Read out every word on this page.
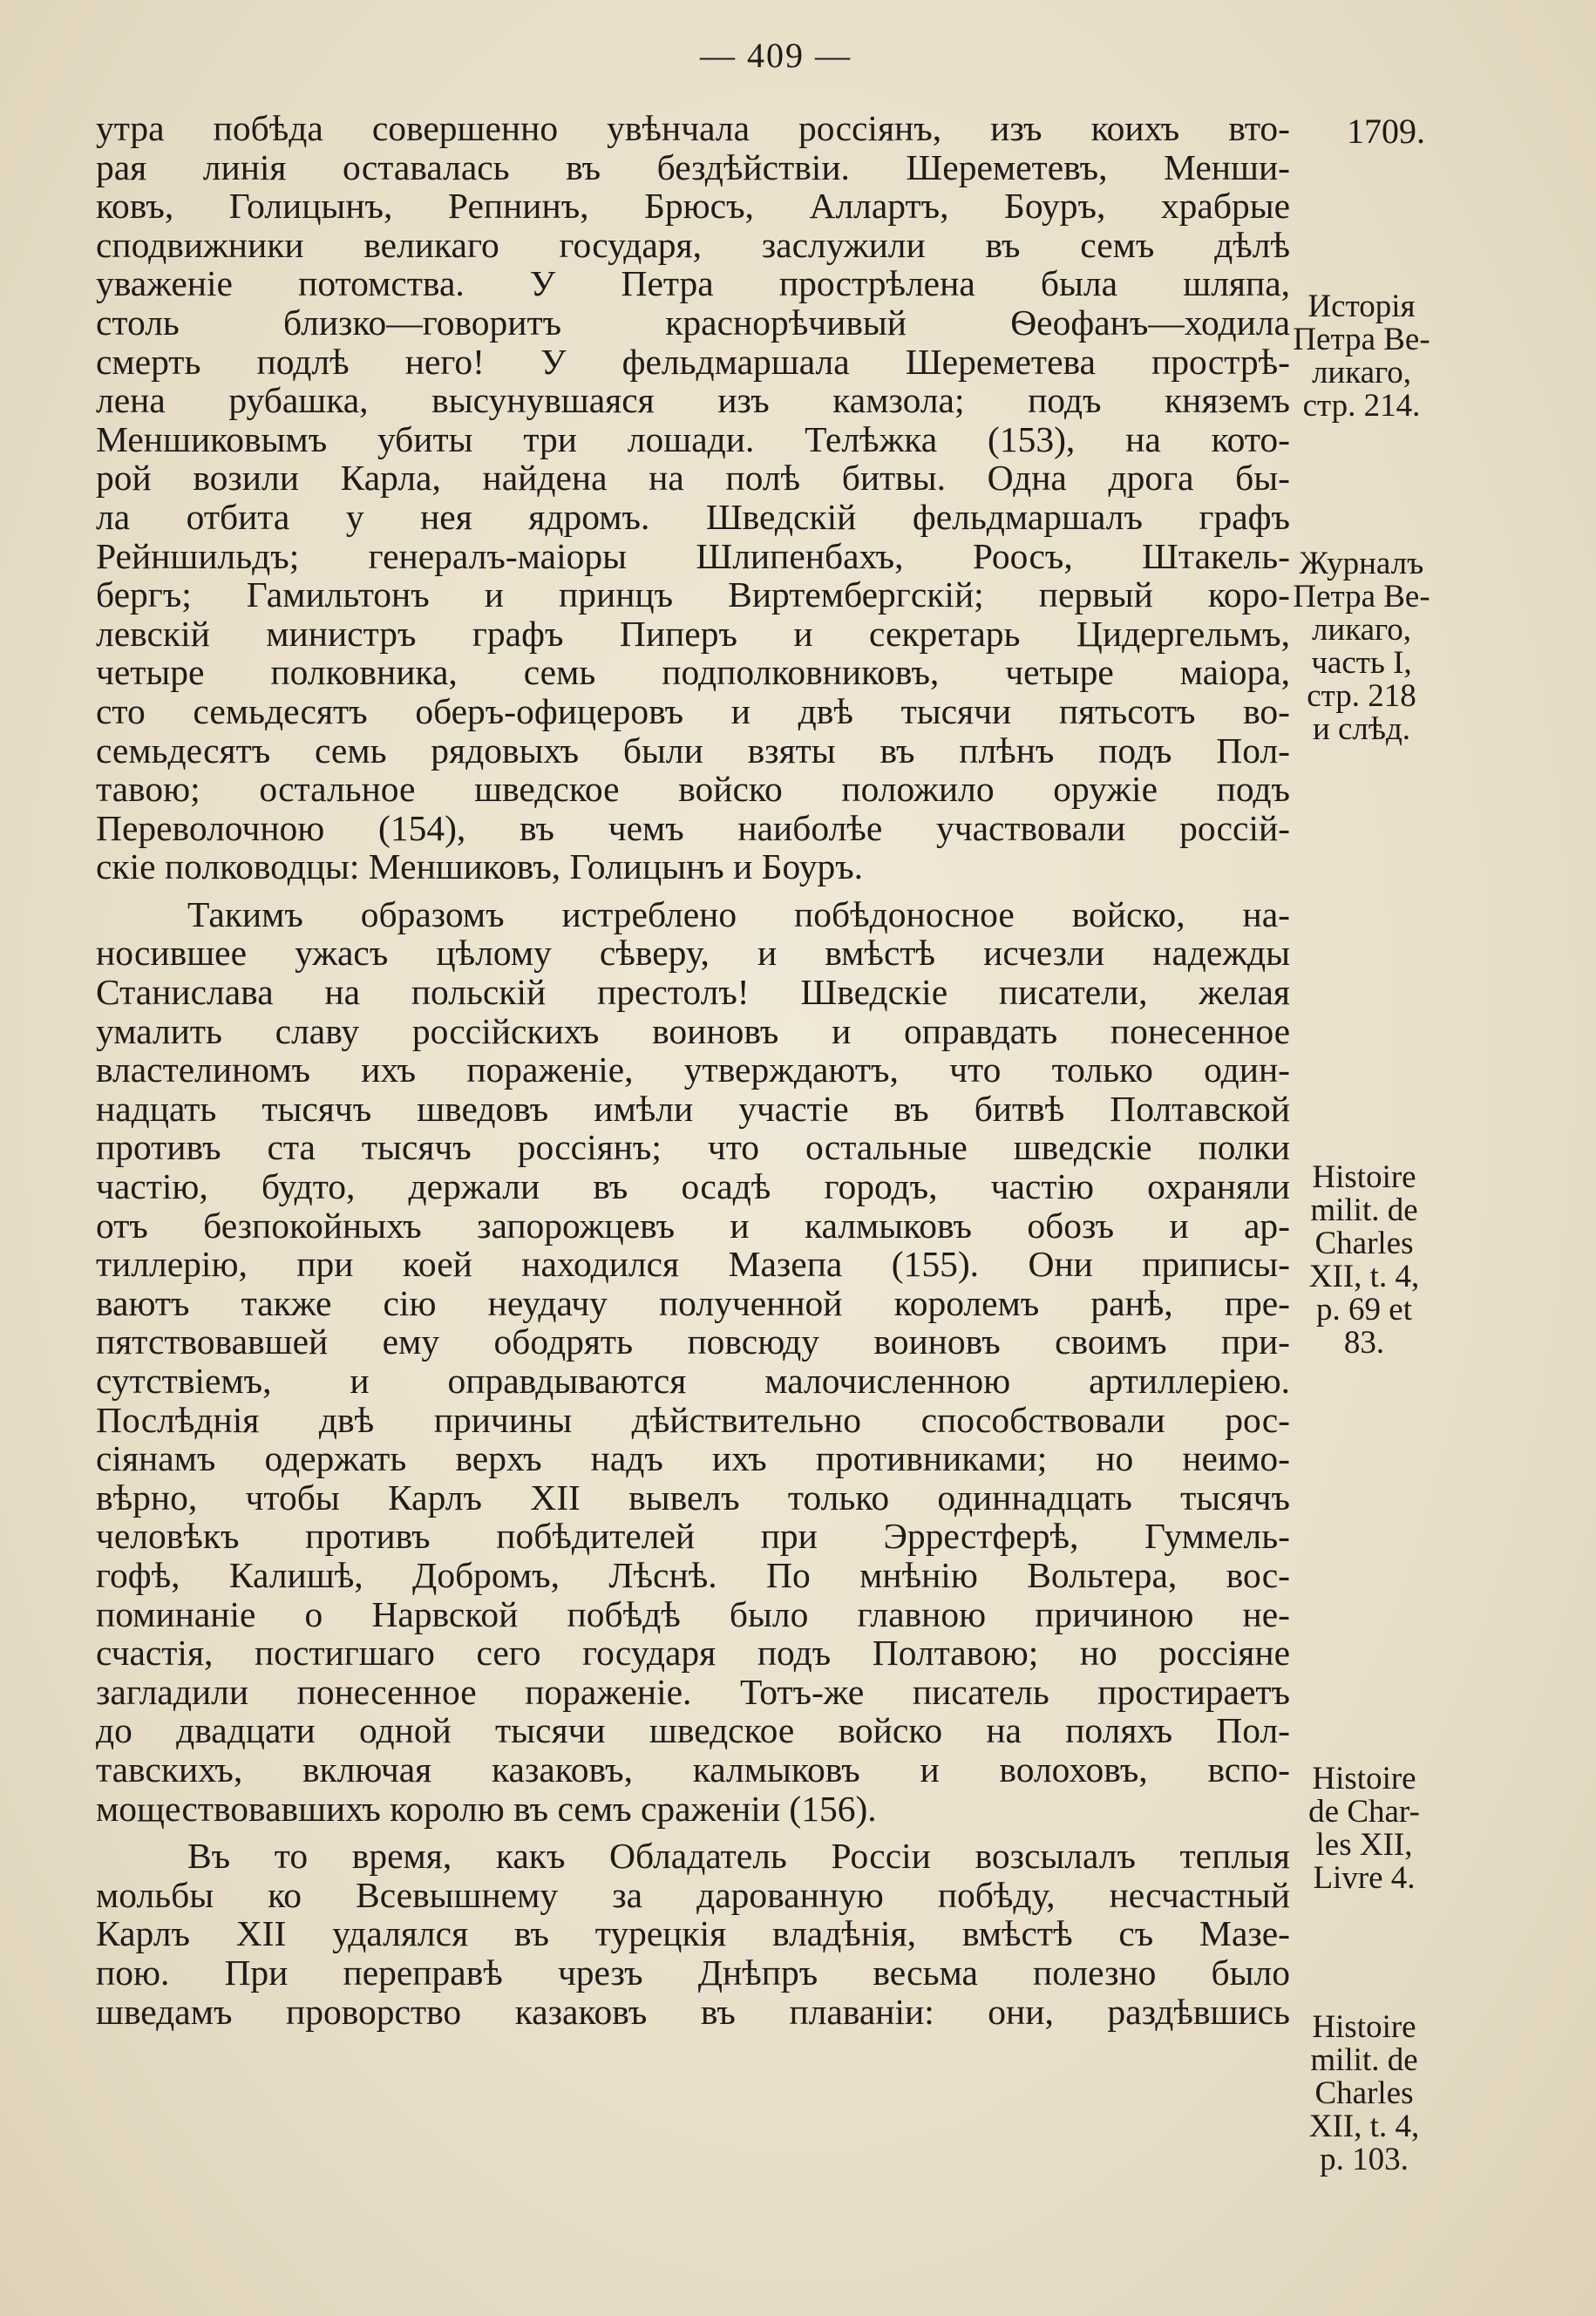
— 409 —
1709.
утра побѣда совершенно увѣнчала россіянъ, изъ коихъ вто-
рая линія оставалась въ бездѣйствіи. Шереметевъ, Менши-
ковъ, Голицынъ, Репнинъ, Брюсъ, Аллартъ, Боуръ, храбрые
сподвижники великаго государя, заслужили въ семъ дѣлѣ
уваженіе потомства. У Петра прострѣлена была шляпа,
столь близко—говоритъ краснорѣчивый Ѳеофанъ—ходила
смерть подлѣ него! У фельдмаршала Шереметева прострѣ-
лена рубашка, высунувшаяся изъ камзола; подъ княземъ
Меншиковымъ убиты три лошади. Телѣжка (153), на кото-
рой возили Карла, найдена на полѣ битвы. Одна дрога бы-
ла отбита у нея ядромъ. Шведскій фельдмаршалъ графъ
Рейншильдъ; генералъ-маіоры Шлипенбахъ, Роосъ, Штакель-
бергъ; Гамильтонъ и принцъ Виртембергскій; первый коро-
левскій министръ графъ Пиперъ и секретарь Цидергельмъ,
четыре полковника, семь подполковниковъ, четыре маіора,
сто семьдесятъ оберъ-офицеровъ и двѣ тысячи пятьсотъ во-
семьдесятъ семь рядовыхъ были взяты въ плѣнъ подъ Пол-
тавою; остальное шведское войско положило оружіе подъ
Переволочною (154), въ чемъ наиболѣе участвовали россій-
скіе полководцы: Меншиковъ, Голицынъ и Боуръ.
Такимъ образомъ истреблено побѣдоносное войско, на-
носившее ужасъ цѣлому сѣверу, и вмѣстѣ исчезли надежды
Станислава на польскій престолъ! Шведскіе писатели, желая
умалить славу россійскихъ воиновъ и оправдать понесенное
властелиномъ ихъ пораженіе, утверждаютъ, что только один-
надцать тысячъ шведовъ имѣли участіе въ битвѣ Полтавской
противъ ста тысячъ россіянъ; что остальные шведскіе полки
частію, будто, держали въ осадѣ городъ, частію охраняли
отъ безпокойныхъ запорожцевъ и калмыковъ обозъ и ар-
тиллерію, при коей находился Мазепа (155). Они приписы-
ваютъ также сію неудачу полученной королемъ ранѣ, пре-
пятствовавшей ему ободрять повсюду воиновъ своимъ при-
сутствіемъ, и оправдываются малочисленною артиллеріею.
Послѣднія двѣ причины дѣйствительно способствовали рос-
сіянамъ одержать верхъ надъ ихъ противниками; но неимо-
вѣрно, чтобы Карлъ XII вывелъ только одиннадцать тысячъ
человѣкъ противъ побѣдителей при Эррестферѣ, Гуммель-
гофѣ, Калишѣ, Добромъ, Лѣснѣ. По мнѣнію Вольтера, вос-
поминаніе о Нарвской побѣдѣ было главною причиною не-
счастія, постигшаго сего государя подъ Полтавою; но россіяне
загладили понесенное пораженіе. Тотъ-же писатель простираетъ
до двадцати одной тысячи шведское войско на поляхъ Пол-
тавскихъ, включая казаковъ, калмыковъ и волоховъ, вспо-
моществовавшихъ королю въ семъ сраженіи (156).
Въ то время, какъ Обладатель Россіи возсылалъ теплыя
мольбы ко Всевышнему за дарованную побѣду, несчастный
Карлъ XII удалялся въ турецкія владѣнія, вмѣстѣ съ Мазе-
пою. При переправѣ чрезъ Днѣпръ весьма полезно было
шведамъ проворство казаковъ въ плаваніи: они, раздѣвшись
Исторія
Петра Ве-
ликаго,
стр. 214.
Журналъ
Петра Ве-
ликаго,
часть I,
стр. 218
и слѣд.
Histoire
milit. de
Charles
XII, t. 4,
p. 69 et
83.
Histoire
de Char-
les XII,
Livre 4.
Histoire
milit. de
Charles
XII, t. 4,
p. 103.
